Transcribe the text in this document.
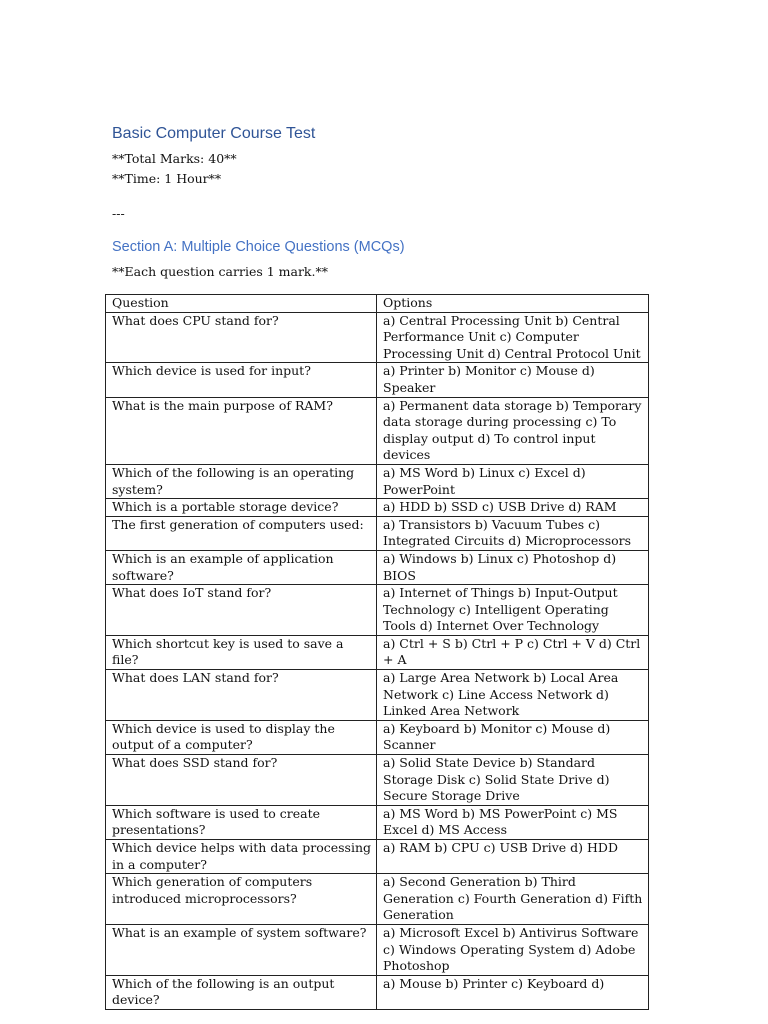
Basic Computer Course Test
**Total Marks: 40**
**Time: 1 Hour**
---
Section A: Multiple Choice Questions (MCQs)
**Each question carries 1 mark.**
Question	Options
What does CPU stand for?	a) Central Processing Unit b) Central Performance Unit c) Computer Processing Unit d) Central Protocol Unit
Which device is used for input?	a) Printer b) Monitor c) Mouse d) Speaker
What is the main purpose of RAM?	a) Permanent data storage b) Temporary data storage during processing c) To display output d) To control input devices
Which of the following is an operating system?	a) MS Word b) Linux c) Excel d) PowerPoint
Which is a portable storage device?	a) HDD b) SSD c) USB Drive d) RAM
The first generation of computers used:	a) Transistors b) Vacuum Tubes c) Integrated Circuits d) Microprocessors
Which is an example of application software?	a) Windows b) Linux c) Photoshop d) BIOS
What does IoT stand for?	a) Internet of Things b) Input-Output Technology c) Intelligent Operating Tools d) Internet Over Technology
Which shortcut key is used to save a file?	a) Ctrl + S b) Ctrl + P c) Ctrl + V d) Ctrl + A
What does LAN stand for?	a) Large Area Network b) Local Area Network c) Line Access Network d) Linked Area Network
Which device is used to display the output of a computer?	a) Keyboard b) Monitor c) Mouse d) Scanner
What does SSD stand for?	a) Solid State Device b) Standard Storage Disk c) Solid State Drive d) Secure Storage Drive
Which software is used to create presentations?	a) MS Word b) MS PowerPoint c) MS Excel d) MS Access
Which device helps with data processing in a computer?	a) RAM b) CPU c) USB Drive d) HDD
Which generation of computers introduced microprocessors?	a) Second Generation b) Third Generation c) Fourth Generation d) Fifth Generation
What is an example of system software?	a) Microsoft Excel b) Antivirus Software c) Windows Operating System d) Adobe Photoshop
Which of the following is an output device?	a) Mouse b) Printer c) Keyboard d)
